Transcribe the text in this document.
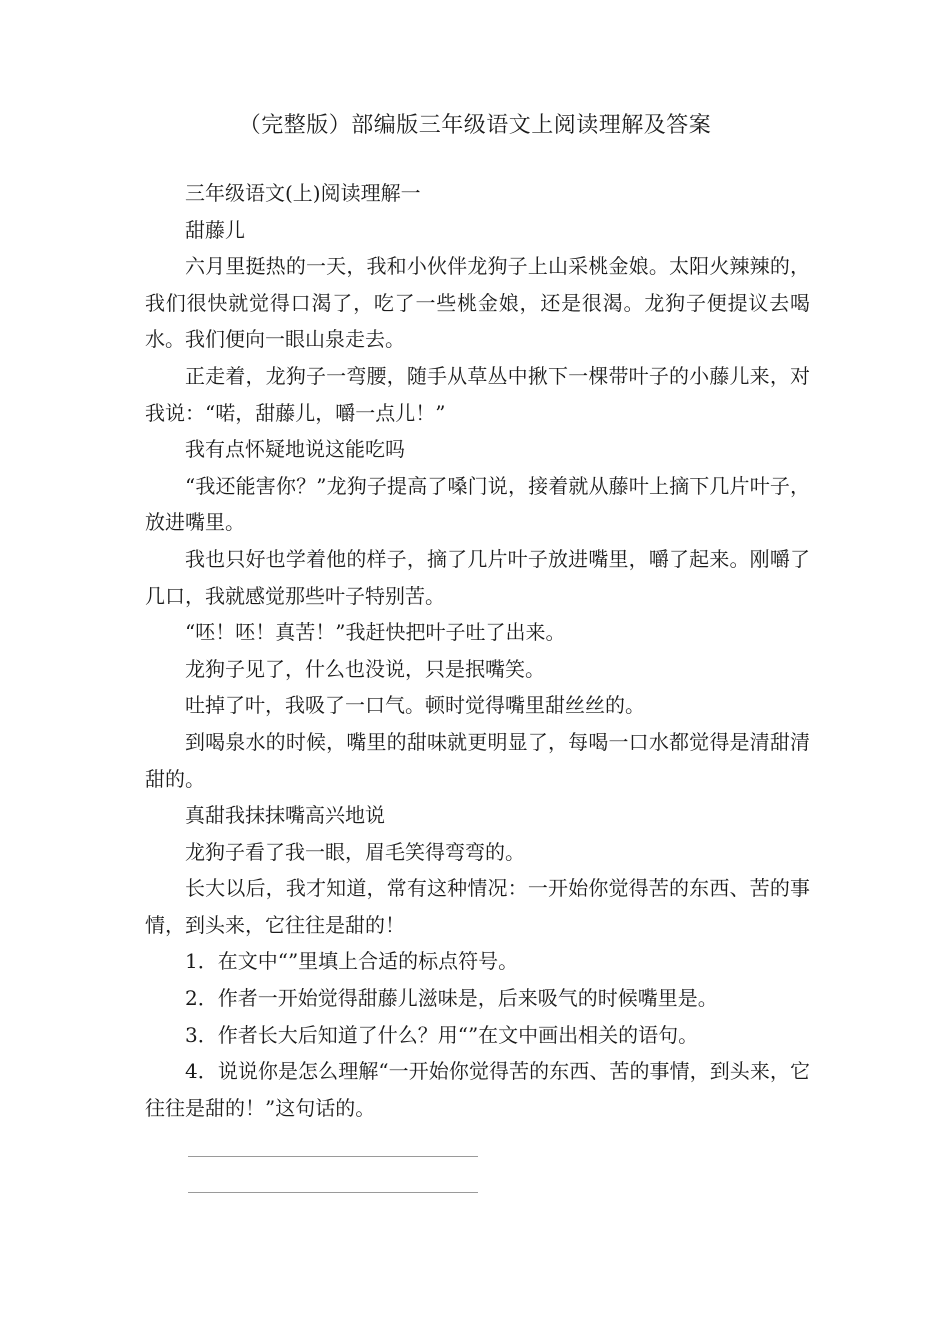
（完整版）部编版三年级语文上阅读理解及答案

三年级语文(上)阅读理解一

甜藤儿

六月里挺热的一天，我和小伙伴龙狗子上山采桃金娘。太阳火辣辣的，我们很快就觉得口渴了，吃了一些桃金娘，还是很渴。龙狗子便提议去喝水。我们便向一眼山泉走去。

正走着，龙狗子一弯腰，随手从草丛中揪下一棵带叶子的小藤儿来，对我说：“喏，甜藤儿，嚼一点儿！”

我有点怀疑地说这能吃吗

“我还能害你？”龙狗子提高了嗓门说，接着就从藤叶上摘下几片叶子，放进嘴里。

我也只好也学着他的样子，摘了几片叶子放进嘴里，嚼了起来。刚嚼了几口，我就感觉那些叶子特别苦。

“呸！呸！真苦！”我赶快把叶子吐了出来。

龙狗子见了，什么也没说，只是抿嘴笑。

吐掉了叶，我吸了一口气。顿时觉得嘴里甜丝丝的。

到喝泉水的时候，嘴里的甜味就更明显了，每喝一口水都觉得是清甜清甜的。

真甜我抹抹嘴高兴地说

龙狗子看了我一眼，眉毛笑得弯弯的。

长大以后，我才知道，常有这种情况：一开始你觉得苦的东西、苦的事情，到头来，它往往是甜的！

1．在文中“”里填上合适的标点符号。

2．作者一开始觉得甜藤儿滋味是，后来吸气的时候嘴里是。

3．作者长大后知道了什么？用“”在文中画出相关的语句。

4．说说你是怎么理解“一开始你觉得苦的东西、苦的事情，到头来，它往往是甜的！”这句话的。
